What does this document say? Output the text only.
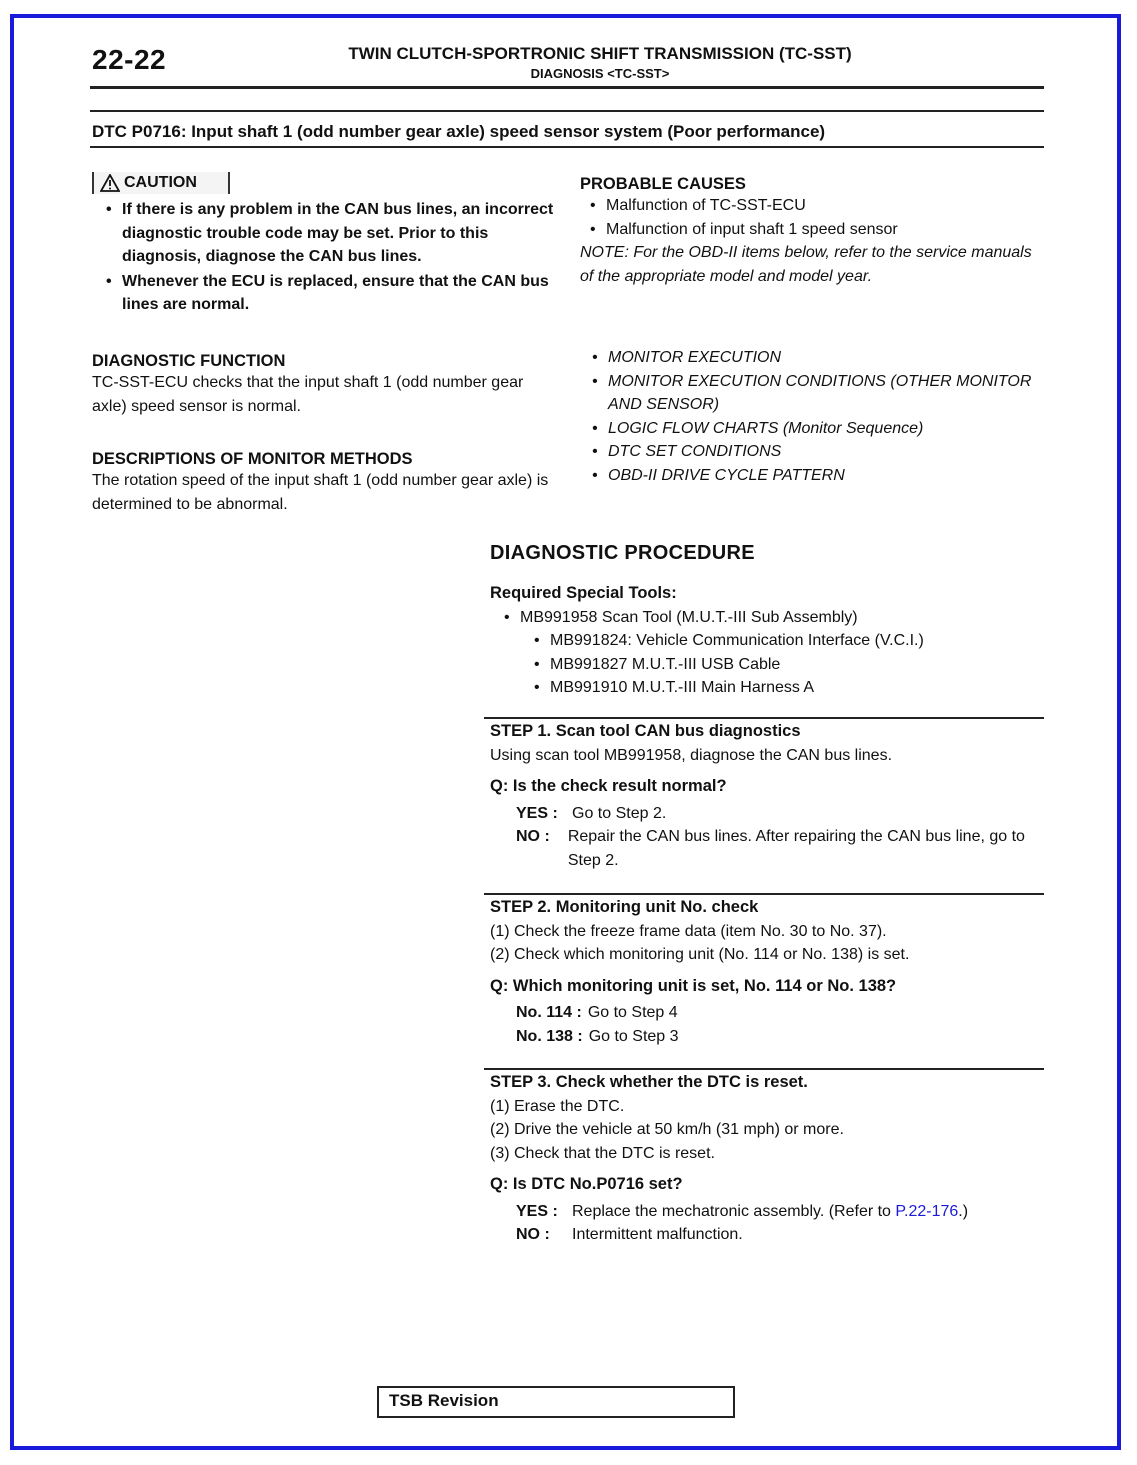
22-22	TWIN CLUTCH-SPORTRONIC SHIFT TRANSMISSION (TC-SST)
DIAGNOSIS <TC-SST>
DTC P0716: Input shaft 1 (odd number gear axle) speed sensor system (Poor performance)
CAUTION
• If there is any problem in the CAN bus lines, an incorrect diagnostic trouble code may be set. Prior to this diagnosis, diagnose the CAN bus lines.
• Whenever the ECU is replaced, ensure that the CAN bus lines are normal.
DIAGNOSTIC FUNCTION
TC-SST-ECU checks that the input shaft 1 (odd number gear axle) speed sensor is normal.
DESCRIPTIONS OF MONITOR METHODS
The rotation speed of the input shaft 1 (odd number gear axle) is determined to be abnormal.
PROBABLE CAUSES
• Malfunction of TC-SST-ECU
• Malfunction of input shaft 1 speed sensor
NOTE: For the OBD-II items below, refer to the service manuals of the appropriate model and model year.
• MONITOR EXECUTION
• MONITOR EXECUTION CONDITIONS (OTHER MONITOR AND SENSOR)
• LOGIC FLOW CHARTS (Monitor Sequence)
• DTC SET CONDITIONS
• OBD-II DRIVE CYCLE PATTERN
DIAGNOSTIC PROCEDURE
Required Special Tools:
• MB991958 Scan Tool (M.U.T.-III Sub Assembly)
• MB991824: Vehicle Communication Interface (V.C.I.)
• MB991827 M.U.T.-III USB Cable
• MB991910 M.U.T.-III Main Harness A
STEP 1. Scan tool CAN bus diagnostics
Using scan tool MB991958, diagnose the CAN bus lines.
Q: Is the check result normal?
YES : Go to Step 2.
NO :	Repair the CAN bus lines. After repairing the CAN bus line, go to Step 2.
STEP 2. Monitoring unit No. check
(1) Check the freeze frame data (item No. 30 to No. 37).
(2) Check which monitoring unit (No. 114 or No. 138) is set.
Q: Which monitoring unit is set, No. 114 or No. 138?
No. 114 : Go to Step 4
No. 138 : Go to Step 3
STEP 3. Check whether the DTC is reset.
(1) Erase the DTC.
(2) Drive the vehicle at 50 km/h (31 mph) or more.
(3) Check that the DTC is reset.
Q: Is DTC No.P0716 set?
YES : Replace the mechatronic assembly. (Refer to P.22-176.)
NO :	Intermittent malfunction.
TSB Revision
